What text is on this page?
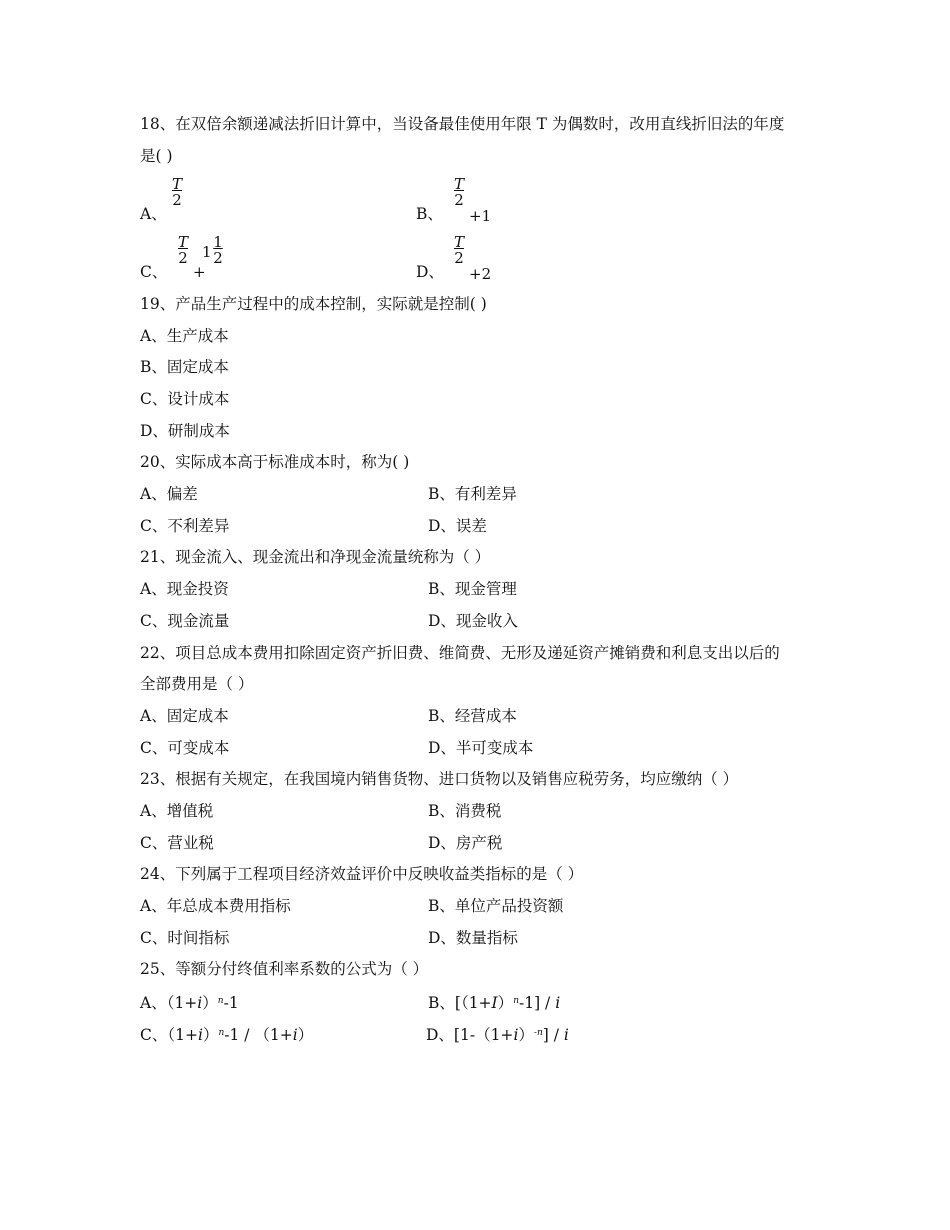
18、在双倍余额递减法折旧计算中，当设备最佳使用年限 T 为偶数时，改用直线折旧法的年度
是( )
A、
$\frac{T}{2}$
B、
$\frac{T}{2}$
+1
C、
$\frac{T}{2}$
+
$1 \frac{1}{2}$
D、
$\frac{T}{2}$
+2
19、产品生产过程中的成本控制，实际就是控制( )
A、生产成本
B、固定成本
C、设计成本
D、研制成本
20、实际成本高于标准成本时，称为( )
A、偏差	B、有利差异
C、不利差异	D、误差
21、现金流入、现金流出和净现金流量统称为（ ）
A、现金投资	B、现金管理
C、现金流量	D、现金收入
22、项目总成本费用扣除固定资产折旧费、维简费、无形及递延资产摊销费和利息支出以后的
全部费用是（ ）
A、固定成本	B、经营成本
C、可变成本	D、半可变成本
23、根据有关规定，在我国境内销售货物、进口货物以及销售应税劳务，均应缴纳（ ）
A、增值税	B、消费税
C、营业税	D、房产税
24、下列属于工程项目经济效益评价中反映收益类指标的是（ ）
A、年总成本费用指标	B、单位产品投资额
C、时间指标	D、数量指标
25、等额分付终值利率系数的公式为（ ）
A、$(1+i)^n-1$	B、$[(1+I)^n-1] / i$
C、$(1+i)^n-1 / (1+i)$	D、$[1-(1+i)^{-n}] / i$
